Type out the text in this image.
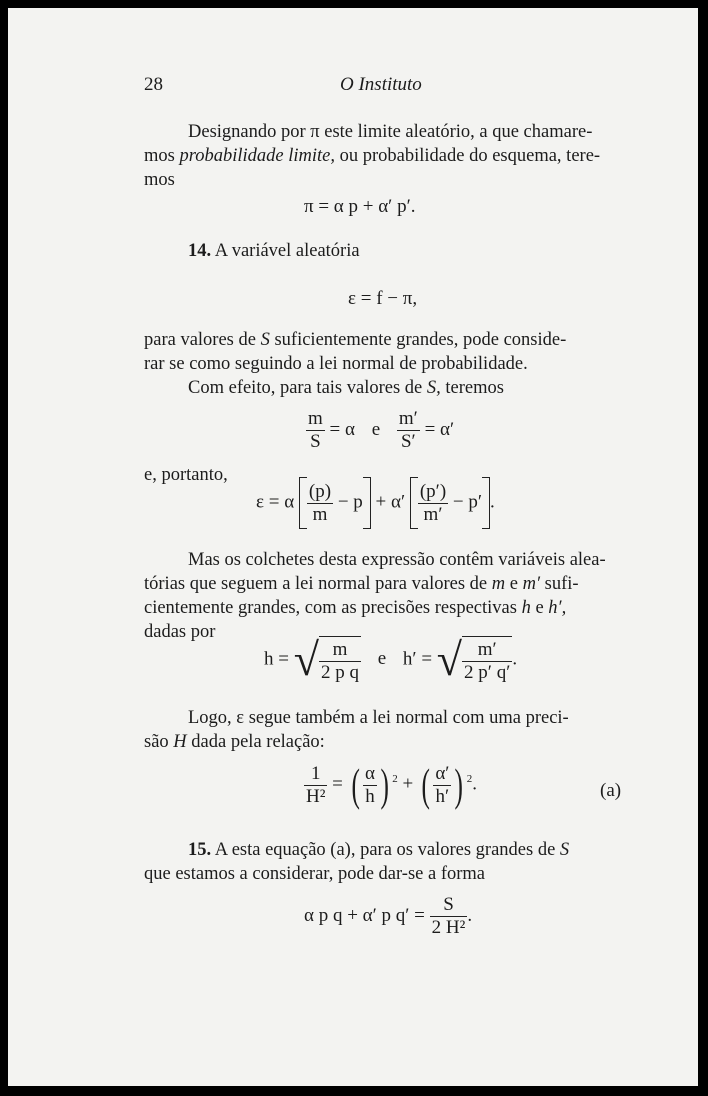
28	O Instituto
Designando por π este limite aleatório, a que chamare-
mos probabilidade limite, ou probabilidade do esquema, tere-
mos
π = α p + α′ p′.
14. A variável aleatória
ε = f − π,
para valores de S suficientemente grandes, pode conside-
rar se como seguindo a lei normal de probabilidade.
Com efeito, para tais valores de S, teremos
$\frac{m}{S} = \alpha$ e $\frac{m'}{S'} = \alpha'$
e, portanto,
ε = α $\frac{(p)}{m} - p + \alpha' \frac{(p')}{m'} - p'$ .
Mas os colchetes desta expressão contêm variáveis alea-
tórias que seguem a lei normal para valores de m e m′ sufi-
cientemente grandes, com as precisões respectivas h e h′,
dadas por
h = √ $\frac{m}{\text{2 p q}}$ e h′ = √ $\frac{m'}{2 p' q'}$ .
Logo, ε segue também a lei normal com uma preci-
são H dada pela relação:
$\frac{1}{\text{H²}}$ = ( $\frac{\alpha}{h}$ ) $^2$ + ( $\frac{\alpha'}{h'}$ ) $^2$.	(a)
15. A esta equação (a), para os valores grandes de S
que estamos a considerar, pode dar-se a forma
α p q + α′ p $q' = \frac{S}{\text{2 H²}}$ .
